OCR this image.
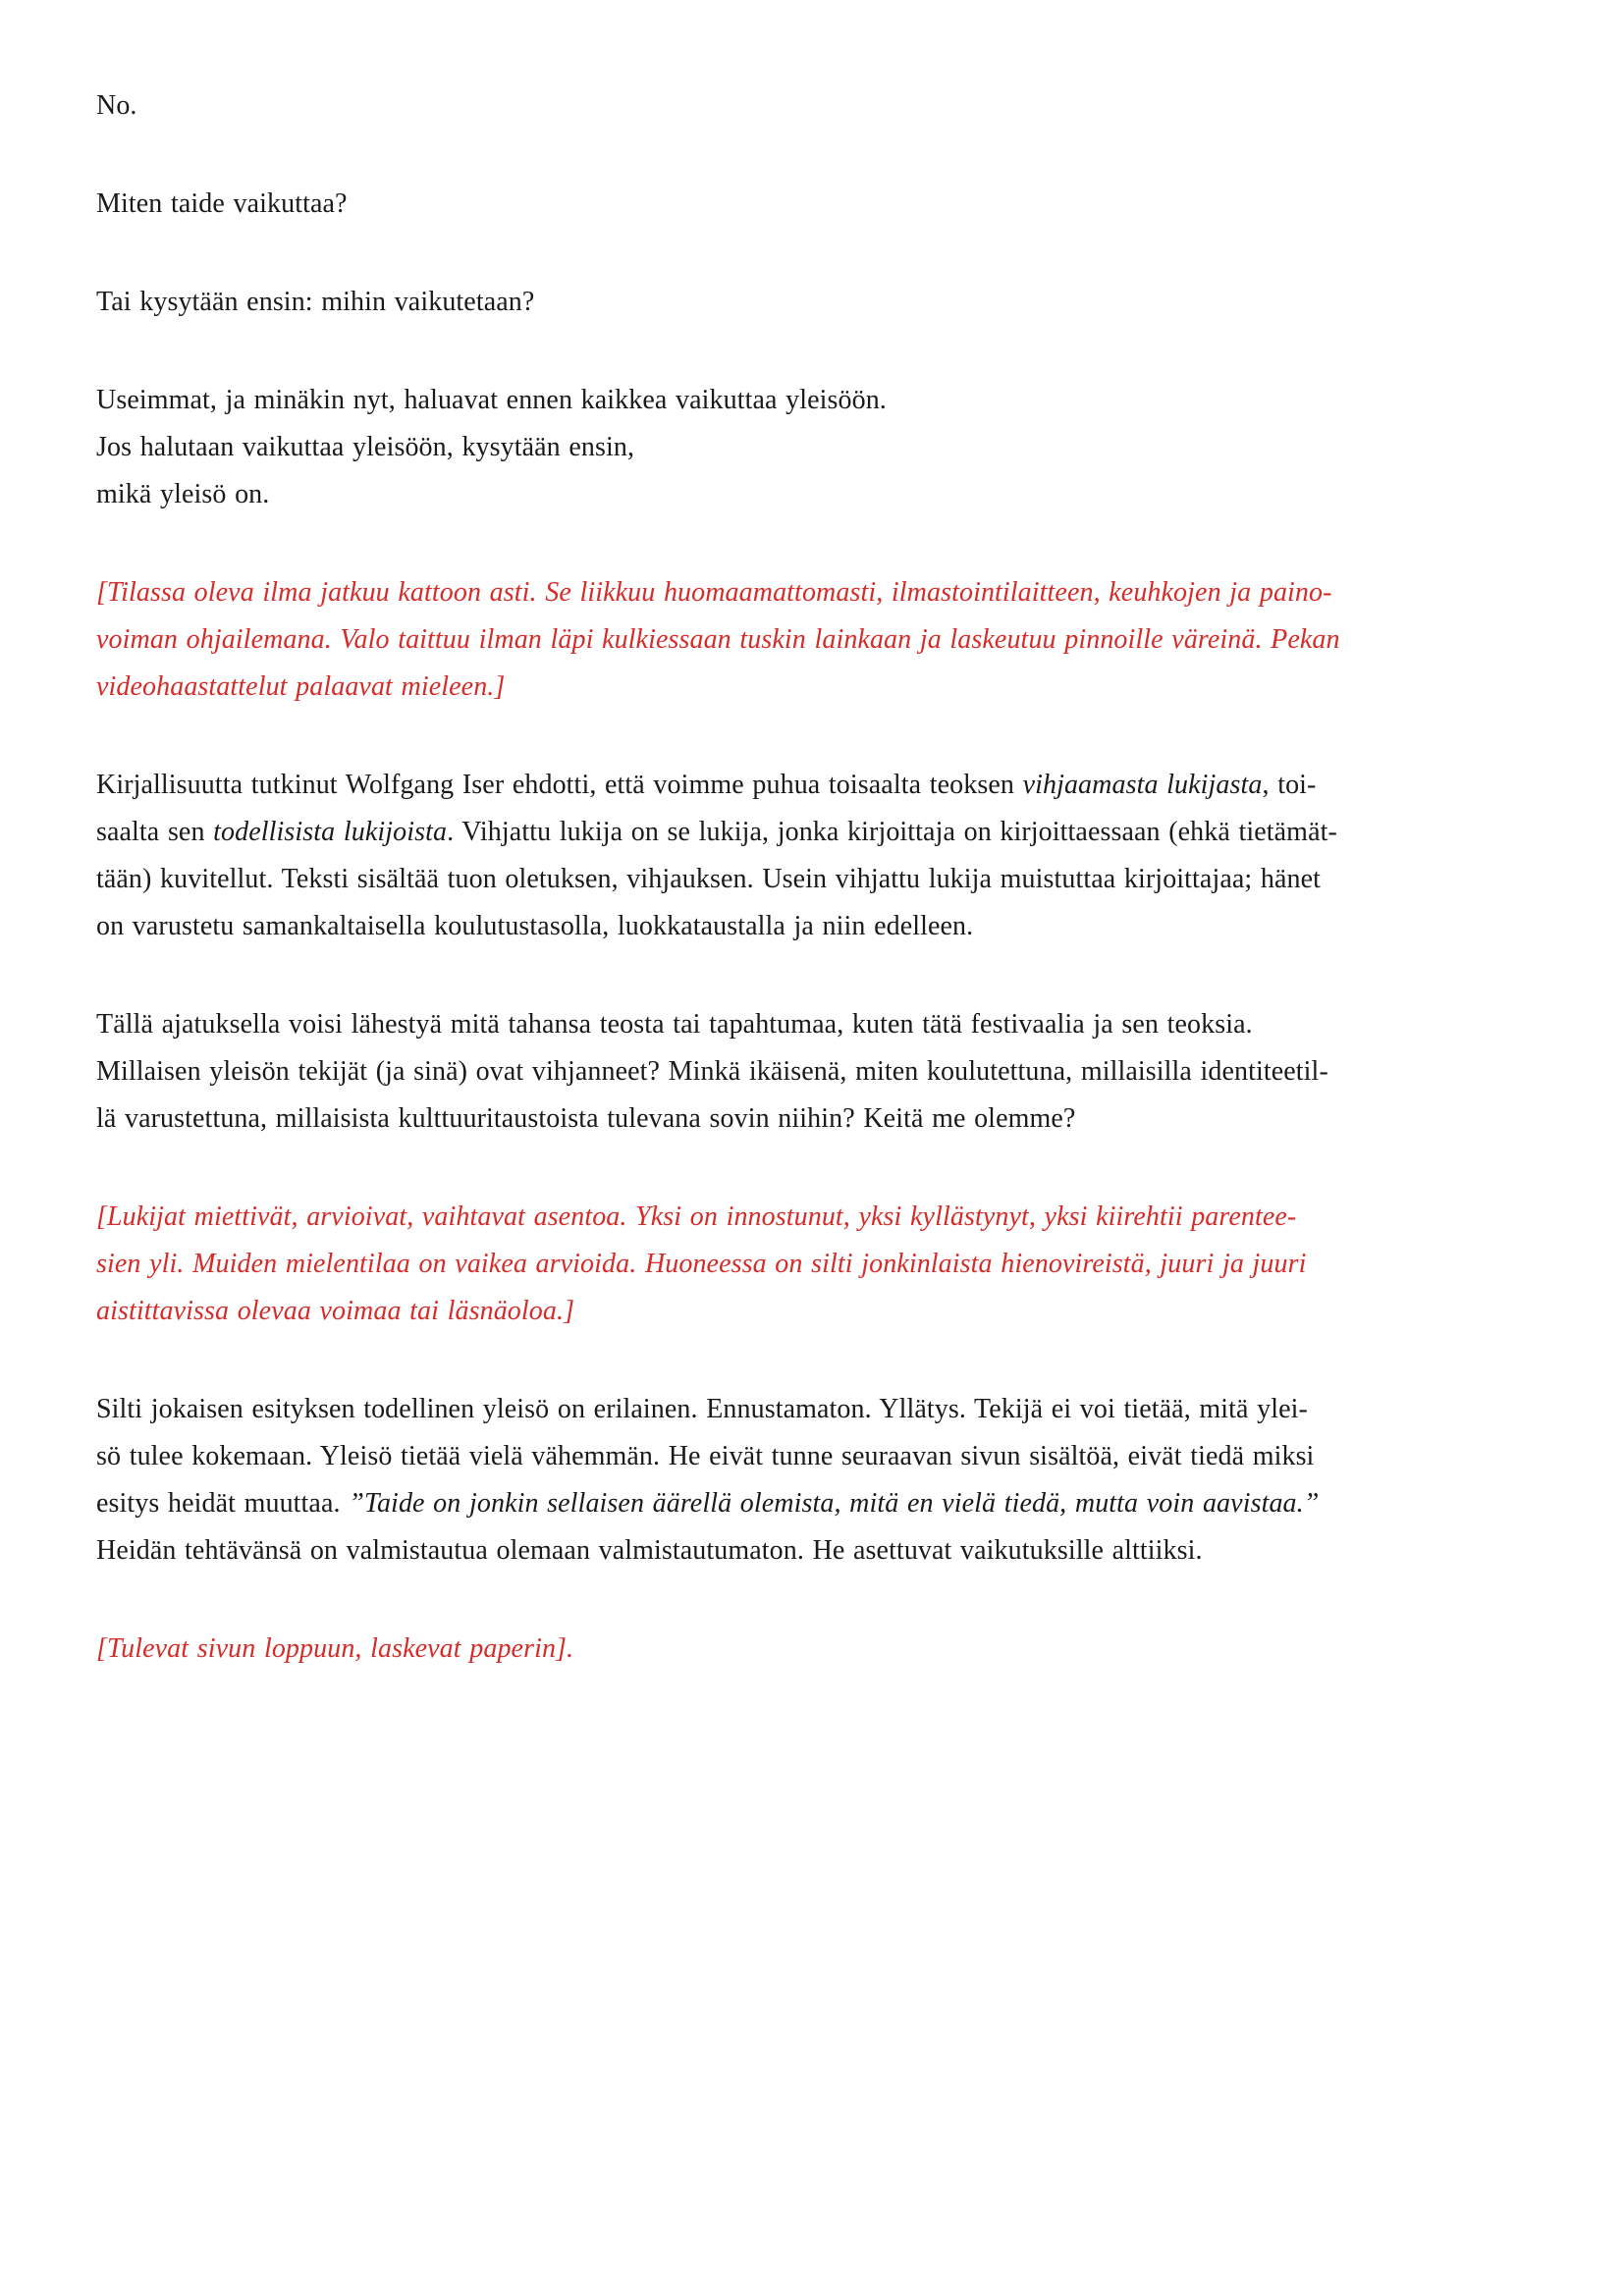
No.

Miten taide vaikuttaa?

Tai kysytään ensin: mihin vaikutetaan?

Useimmat, ja minäkin nyt, haluavat ennen kaikkea vaikuttaa yleisöön.
Jos halutaan vaikuttaa yleisöön, kysytään ensin,
mikä yleisö on.

[Tilassa oleva ilma jatkuu kattoon asti. Se liikkuu huomaamattomasti, ilmastointilaitteen, keuhkojen ja paino-
voiman ohjailemana. Valo taittuu ilman läpi kulkiessaan tuskin lainkaan ja laskeutuu pinnoille väreinä. Pekan
videohaastattelut palaavat mieleen.]

Kirjallisuutta tutkinut Wolfgang Iser ehdotti, että voimme puhua toisaalta teoksen vihjaamasta lukijasta, toi-
saalta sen todellisista lukijoista. Vihjattu lukija on se lukija, jonka kirjoittaja on kirjoittaessaan (ehkä tietämät-
tään) kuvitellut. Teksti sisältää tuon oletuksen, vihjauksen. Usein vihjattu lukija muistuttaa kirjoittajaa; hänet
on varustetu samankaltaisella koulutustasolla, luokkataustalla ja niin edelleen.

Tällä ajatuksella voisi lähestyä mitä tahansa teosta tai tapahtumaa, kuten tätä festivaalia ja sen teoksia.
Millaisen yleisön tekijät (ja sinä) ovat vihjanneet? Minkä ikäisenä, miten koulutettuna, millaisilla identiteetil-
lä varustettuna, millaisista kulttuuritaustoista tulevana sovin niihin? Keitä me olemme?

[Lukijat miettivät, arvioivat, vaihtavat asentoa. Yksi on innostunut, yksi kyllästynyt, yksi kiirehtii parentee-
sien yli. Muiden mielentilaa on vaikea arvioida. Huoneessa on silti jonkinlaista hienovireistä, juuri ja juuri
aistittavissa olevaa voimaa tai läsnäoloa.]

Silti jokaisen esityksen todellinen yleisö on erilainen. Ennustamaton. Yllätys. Tekijä ei voi tietää, mitä ylei-
sö tulee kokemaan. Yleisö tietää vielä vähemmän. He eivät tunne seuraavan sivun sisältöä, eivät tiedä miksi
esitys heidät muuttaa. ”Taide on jonkin sellaisen äärellä olemista, mitä en vielä tiedä, mutta voin aavistaa.”
Heidän tehtävänsä on valmistautua olemaan valmistautumaton. He asettuvat vaikutuksille alttiiksi.

[Tulevat sivun loppuun, laskevat paperin].
